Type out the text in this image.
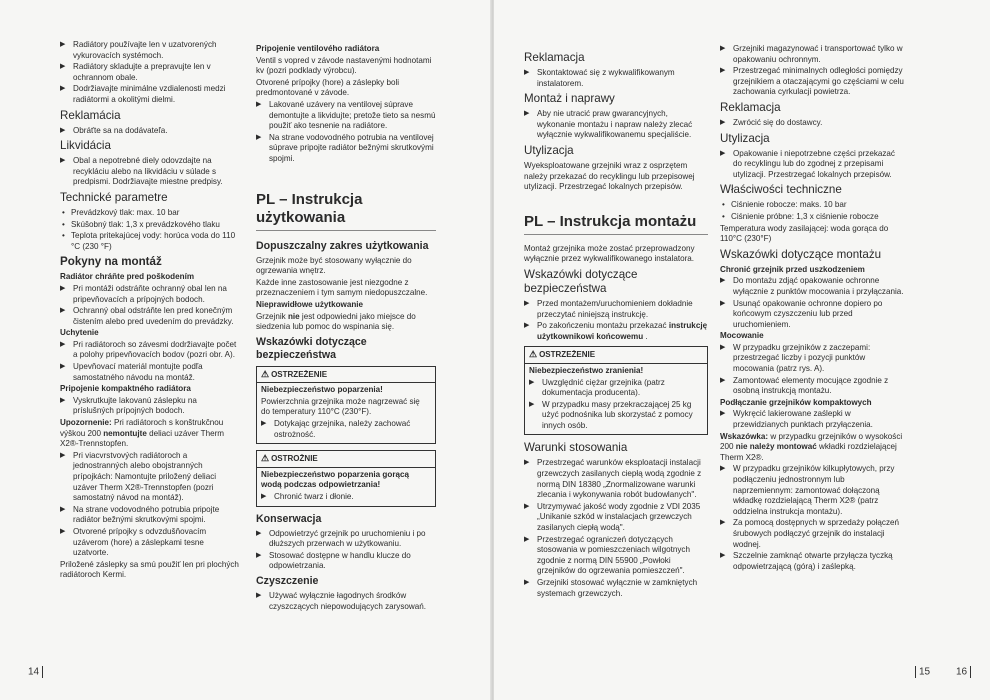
▶ Radiátory používajte len v uzatvorených vykurovacích systémoch.
▶ Radiátory skladujte a prepravujte len v ochrannom obale.
▶ Dodržiavajte minimálne vzdialenosti medzi radiátormi a okolitými dielmi.
Reklamácia
▶ Obráťte sa na dodávateľa.
Likvidácia
▶ Obal a nepotrebné diely odovzdajte na recykláciu alebo na likvidáciu v súlade s predpismi. Dodržiavajte miestne predpisy.
Technické parametre
• Prevádzkový tlak: max. 10 bar
• Skúšobný tlak: 1,3 x prevádzkového tlaku
• Teplota pritekajúcej vody: horúca voda do 110 °C (230 °F)
Pokyny na montáž

Radiátor chráňte pred poškodením

▶ Pri montáži odstráňte ochranný obal len na pripevňovacích a prípojných bodoch.
▶ Ochranný obal odstráňte len pred konečným čistením alebo pred uvedením do prevádzky.

Uchytenie

▶ Pri radiátoroch so závesmi dodržiavajte počet a polohy pripevňovacích bodov (pozri obr. A).
▶ Upevňovací materiál montujte podľa samostatného návodu na montáž.

Pripojenie kompaktného radiátora

▶ Vyskrutkujte lakovanú záslepku na príslušných prípojných bodoch.

Upozornenie: Pri radiátoroch s konštrukčnou výškou 200 nemontujte deliaci uzáver Therm X2®-Trennstopfen.

▶ Pri viacvrstvových radiátoroch a jednostranných alebo obojstranných prípojkách: Namontujte priložený deliaci uzáver Therm X2®-Trennstopfen (pozri samostatný návod na montáž).
▶ Na strane vodovodného potrubia pripojte radiátor bežnými skrutkovými spojmi.
▶ Otvorené prípojky s odvzdušňovacím uzáverom (hore) a záslepkami tesne uzatvorte.

Priložené záslepky sa smú použiť len pri plochých radiátoroch Kermi.

Pripojenie ventilového radiátora

Ventil s vopred v závode nastavenými hodnotami kv (pozri podklady výrobcu).

Otvorené prípojky (hore) a záslepky boli predmontované v závode.

▶ Lakované uzávery na ventilovej súprave demontujte a likvidujte; pretože tieto sa nesmú použiť ako tesnenie na radiátore.
▶ Na strane vodovodného potrubia na ventilovej súprave pripojte radiátor bežnými skrutkovými spojmi.
PL – Instrukcja użytkowania
Dopuszczalny zakres użytkowania

Grzejnik może być stosowany wyłącznie do ogrzewania wnętrz.

Każde inne zastosowanie jest niezgodne z przeznaczeniem i tym samym niedopuszczalne.

Nieprawidłowe użytkowanie

Grzejnik nie jest odpowiedni jako miejsce do siedzenia lub pomoc do wspinania się.

Wskazówki dotyczące bezpieczeństwa
⚠ OSTRZEŻENIE

Niebezpieczeństwo poparzenia!

Powierzchnia grzejnika może nagrzewać się do temperatury 110°C (230°F).

▶ Dotykając grzejnika, należy zachować ostrożność.
⚠ OSTROŻNIE

Niebezpieczeństwo poparzenia gorącą wodą podczas odpowietrzania!

▶ Chronić twarz i dłonie.
Konserwacja
▶ Odpowietrzyć grzejnik po uruchomieniu i po dłuższych przerwach w użytkowaniu.
▶ Stosować dostępne w handlu klucze do odpowietrzania.
Czyszczenie
▶ Używać wyłącznie łagodnych środków czyszczących niepowodujących zarysowań.
14
Reklamacja
▶ Skontaktować się z wykwalifikowanym instalatorem.
Montaż i naprawy
▶ Aby nie utracić praw gwarancyjnych, wykonanie montażu i napraw należy zlecać wyłącznie wykwalifikowanemu specjaliście.
Utylizacja

Wyeksploatowane grzejniki wraz z osprzętem należy przekazać do recyklingu lub przepisowej utylizacji. Przestrzegać lokalnych przepisów.

PL – Instrukcja montażu

Montaż grzejnika może zostać przeprowadzony wyłącznie przez wykwalifikowanego instalatora.

Wskazówki dotyczące bezpieczeństwa
▶ Przed montażem/uruchomieniem dokładnie przeczytać niniejszą instrukcję.
▶ Po zakończeniu montażu przekazać instrukcję użytkownikowi końcowemu .
⚠ OSTRZEŻENIE

Niebezpieczeństwo zranienia!

▶ Uwzględnić ciężar grzejnika (patrz dokumentacja producenta).
▶ W przypadku masy przekraczającej 25 kg użyć podnośnika lub skorzystać z pomocy innych osób.
Warunki stosowania
▶ Przestrzegać warunków eksploatacji instalacji grzewczych zasilanych ciepłą wodą zgodnie z normą DIN 18380 „Znormalizowane warunki zlecania i wykonywania robót budowlanych".
▶ Utrzymywać jakość wody zgodnie z VDI 2035 „Unikanie szkód w instalacjach grzewczych zasilanych ciepłą wodą".
▶ Przestrzegać ograniczeń dotyczących stosowania w pomieszczeniach wilgotnych zgodnie z normą DIN 55900 „Powłoki grzejników do ogrzewania pomieszczeń".
▶ Grzejniki stosować wyłącznie w zamkniętych systemach grzewczych.
▶ Grzejniki magazynować i transportować tylko w opakowaniu ochronnym.
▶ Przestrzegać minimalnych odległości pomiędzy grzejnikiem a otaczającymi go częściami w celu zachowania cyrkulacji powietrza.
Reklamacja
▶ Zwrócić się do dostawcy.
Utylizacja
▶ Opakowanie i niepotrzebne części przekazać do recyklingu lub do zgodnej z przepisami utylizacji. Przestrzegać lokalnych przepisów.
Właściwości techniczne
• Ciśnienie robocze: maks. 10 bar
• Ciśnienie próbne: 1,3 x ciśnienie robocze

Temperatura wody zasilającej: woda gorąca do 110°C (230°F)

Wskazówki dotyczące montażu

Chronić grzejnik przed uszkodzeniem

▶ Do montażu zdjąć opakowanie ochronne wyłącznie z punktów mocowania i przyłączania.
▶ Usunąć opakowanie ochronne dopiero po końcowym czyszczeniu lub przed uruchomieniem.

Mocowanie

▶ W przypadku grzejników z zaczepami: przestrzegać liczby i pozycji punktów mocowania (patrz rys. A).
▶ Zamontować elementy mocujące zgodnie z osobną instrukcją montażu.

Podłączanie grzejników kompaktowych

▶ Wykręcić lakierowane zaślepki w przewidzianych punktach przyłączenia.

Wskazówka: w przypadku grzejników o wysokości 200 nie należy montować wkładki rozdzielającej Therm X2®.

▶ W przypadku grzejników kilkupłytowych, przy podłączeniu jednostronnym lub naprzemiennym: zamontować dołączoną wkładkę rozdzielającą Therm X2® (patrz oddzielna instrukcja montażu).
▶ Za pomocą dostępnych w sprzedaży połączeń śrubowych podłączyć grzejnik do instalacji wodnej.
▶ Szczelnie zamknąć otwarte przyłącza tyczką odpowietrzającą (górą) i zaślepką.
15	16
